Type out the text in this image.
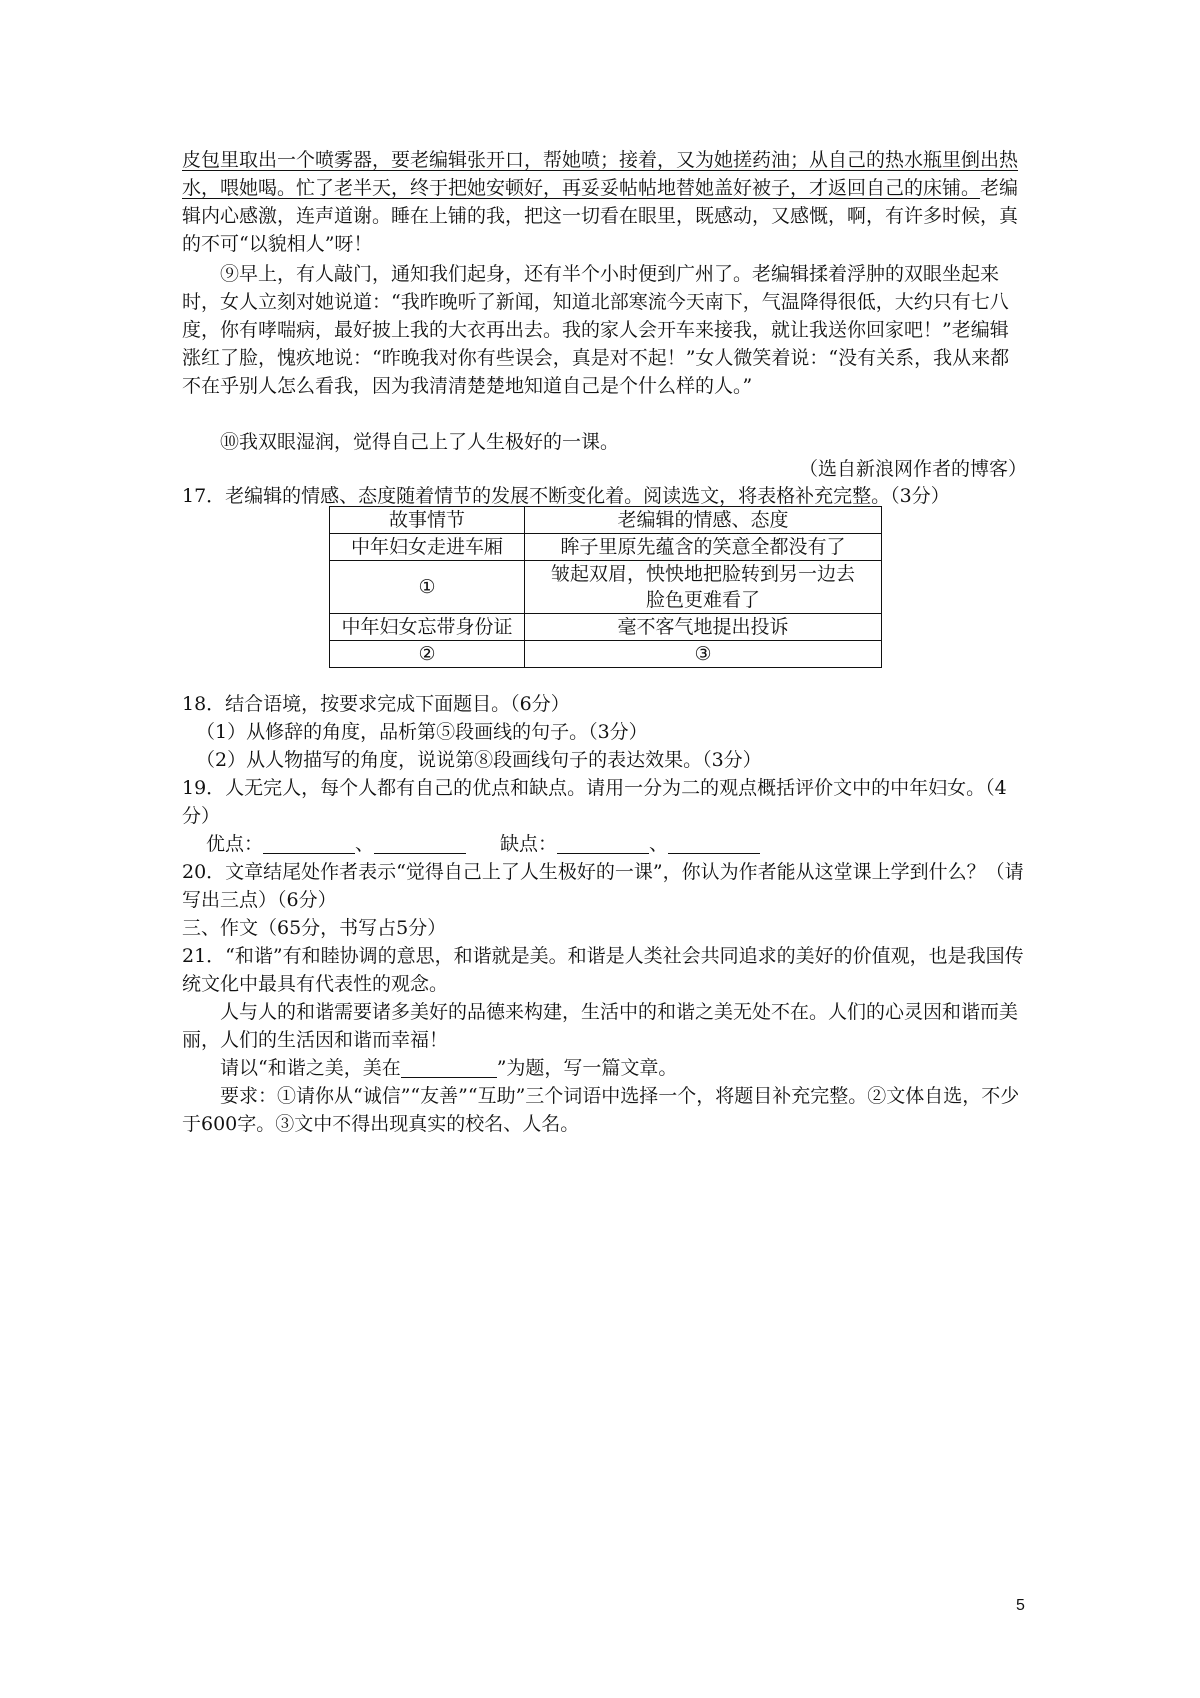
皮包里取出一个喷雾器，要老编辑张开口，帮她喷；接着，又为她搓药油；从自己的热水瓶里倒出热水，喂她喝。忙了老半天，终于把她安顿好，再妥妥帖帖地替她盖好被子，才返回自己的床铺。老编辑内心感激，连声道谢。睡在上铺的我，把这一切看在眼里，既感动，又感慨，啊，有许多时候，真的不可“以貌相人”呀！

⑨早上，有人敲门，通知我们起身，还有半个小时便到广州了。老编辑揉着浮肿的双眼坐起来时，女人立刻对她说道：“我昨晚听了新闻，知道北部寒流今天南下，气温降得很低，大约只有七八度，你有哮喘病，最好披上我的大衣再出去。我的家人会开车来接我，就让我送你回家吧！”老编辑涨红了脸，愧疚地说：“昨晚我对你有些误会，真是对不起！”女人微笑着说：“没有关系，我从来都不在乎别人怎么看我，因为我清清楚楚地知道自己是个什么样的人。”

⑩我双眼湿润，觉得自己上了人生极好的一课。

（选自新浪网作者的博客）

17．老编辑的情感、态度随着情节的发展不断变化着。阅读选文，将表格补充完整。（3分）

故事情节	老编辑的情感、态度
中年妇女走进车厢	眸子里原先蕴含的笑意全都没有了
①	皱起双眉，怏怏地把脸转到另一边去
脸色更难看了

中年妇女忘带身份证	毫不客气地提出投诉
②	③

18．结合语境，按要求完成下面题目。（6分）

（1）从修辞的角度，品析第⑤段画线的句子。（3分）

（2）从人物描写的角度，说说第⑧段画线句子的表达效果。（3分）

19．人无完人，每个人都有自己的优点和缺点。请用一分为二的观点概括评价文中的中年妇女。（4分）

优点：	、	缺点：	、

20．文章结尾处作者表示“觉得自己上了人生极好的一课”，你认为作者能从这堂课上学到什么？（请写出三点）（6分）

三、作文（65分，书写占5分）

21．“和谐”有和睦协调的意思，和谐就是美。和谐是人类社会共同追求的美好的价值观，也是我国传统文化中最具有代表性的观念。

人与人的和谐需要诸多美好的品德来构建，生活中的和谐之美无处不在。人们的心灵因和谐而美丽，人们的生活因和谐而幸福！

请以“和谐之美，美在	”为题，写一篇文章。

要求：①请你从“诚信”“友善”“互助”三个词语中选择一个，将题目补充完整。②文体自选，不少于600字。③文中不得出现真实的校名、人名。

5
